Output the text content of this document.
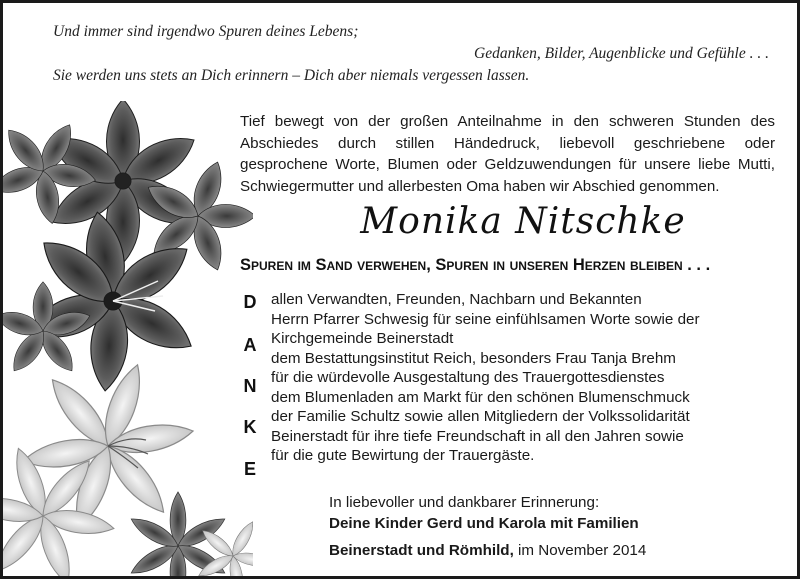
Und immer sind irgendwo Spuren deines Lebens;
Gedanken, Bilder, Augenblicke und Gefühle . . .
Sie werden uns stets an Dich erinnern – Dich aber niemals vergessen lassen.
Tief bewegt von der großen Anteilnahme in den schweren Stunden des Abschiedes durch stillen Händedruck, liebevoll geschriebene oder gesprochene Worte, Blumen oder Geldzuwendungen für unsere liebe Mutti, Schwiegermutter und allerbesten Oma haben wir Abschied genommen.
Monika Nitschke
Spuren im Sand verwehen, Spuren in unseren Herzen bleiben . . .
D
A
N
K
E
allen Verwandten, Freunden, Nachbarn und Bekannten
Herrn Pfarrer Schwesig für seine einfühlsamen Worte sowie der
Kirchgemeinde Beinerstadt
dem Bestattungsinstitut Reich, besonders Frau Tanja Brehm
für die würdevolle Ausgestaltung des Trauergottesdienstes
dem Blumenladen am Markt für den schönen Blumenschmuck
der Familie Schultz sowie allen Mitgliedern der Volkssolidarität
Beinerstadt für ihre tiefe Freundschaft in all den Jahren sowie
für die gute Bewirtung der Trauergäste.
In liebevoller und dankbarer Erinnerung:
Deine Kinder Gerd und Karola mit Familien
Beinerstadt und Römhild, im November 2014
